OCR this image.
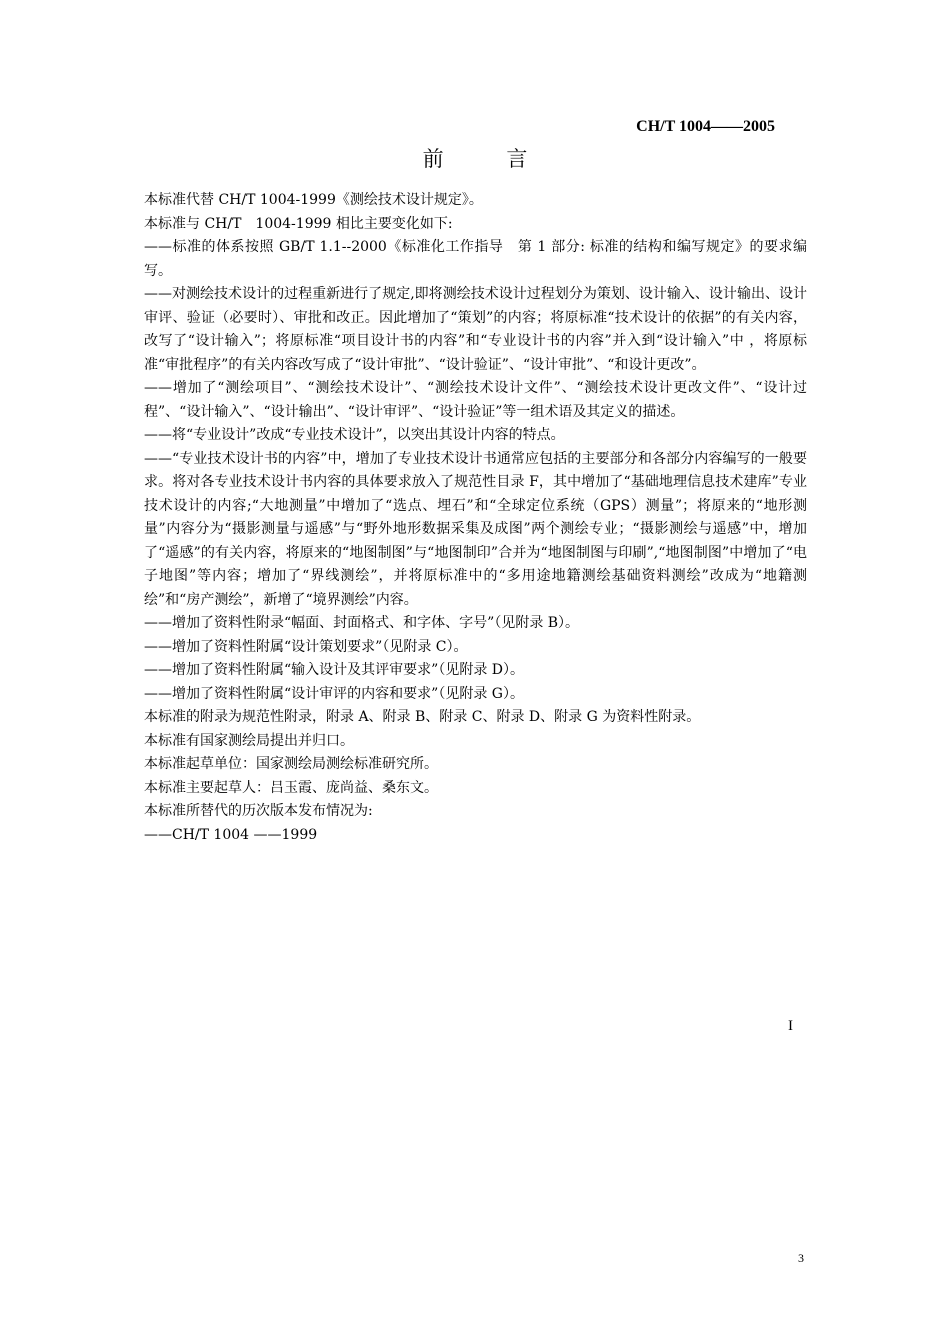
CH/T 1004——2005
前 言

本标准代替 CH/T 1004-1999《测绘技术设计规定》。

本标准与 CH/T　1004-1999 相比主要变化如下:

——标准的体系按照 GB/T 1.1--2000《标准化工作指导　第 1 部分: 标准的结构和编写规定》的要求编写。

——对测绘技术设计的过程重新进行了规定,即将测绘技术设计过程划分为策划、设计输入、设计输出、设计审评、验证（必要时）、审批和改正。因此增加了“策划”的内容；将原标准“技术设计的依据”的有关内容，改写了“设计输入”；将原标准“项目设计书的内容”和“专业设计书的内容”并入到“设计输入”中 ，将原标准“审批程序”的有关内容改写成了“设计审批”、“设计验证”、“设计审批”、“和设计更改”。

——增加了“测绘项目”、“测绘技术设计”、“测绘技术设计文件”、“测绘技术设计更改文件”、“设计过程”、“设计输入”、“设计输出”、“设计审评”、“设计验证”等一组术语及其定义的描述。

——将“专业设计”改成“专业技术设计”，以突出其设计内容的特点。

——“专业技术设计书的内容”中，增加了专业技术设计书通常应包括的主要部分和各部分内容编写的一般要求。将对各专业技术设计书内容的具体要求放入了规范性目录 F，其中增加了“基础地理信息技术建库”专业技术设计的内容;“大地测量”中增加了“选点、埋石”和“全球定位系统（GPS）测量”；将原来的“地形测量”内容分为“摄影测量与遥感”与“野外地形数据采集及成图”两个测绘专业；“摄影测绘与遥感”中，增加了“遥感”的有关内容，将原来的“地图制图”与“地图制印”合并为“地图制图与印刷”,“地图制图”中增加了“电子地图”等内容；增加了“界线测绘”，并将原标准中的“多用途地籍测绘基础资料测绘”改成为“地籍测绘”和“房产测绘”，新增了“境界测绘”内容。

——增加了资料性附录“幅面、封面格式、和字体、字号”（见附录 B）。

——增加了资料性附属“设计策划要求”（见附录 C）。

——增加了资料性附属“输入设计及其评审要求”（见附录 D）。

——增加了资料性附属“设计审评的内容和要求”（见附录 G）。

本标准的附录为规范性附录，附录 A、附录 B、附录 C、附录 D、附录 G 为资料性附录。

本标准有国家测绘局提出并归口。

本标准起草单位：国家测绘局测绘标准研究所。

本标准主要起草人：吕玉霞、庞尚益、桑东文。

本标准所替代的历次版本发布情况为:

——CH/T 1004 ——1999

I
3
